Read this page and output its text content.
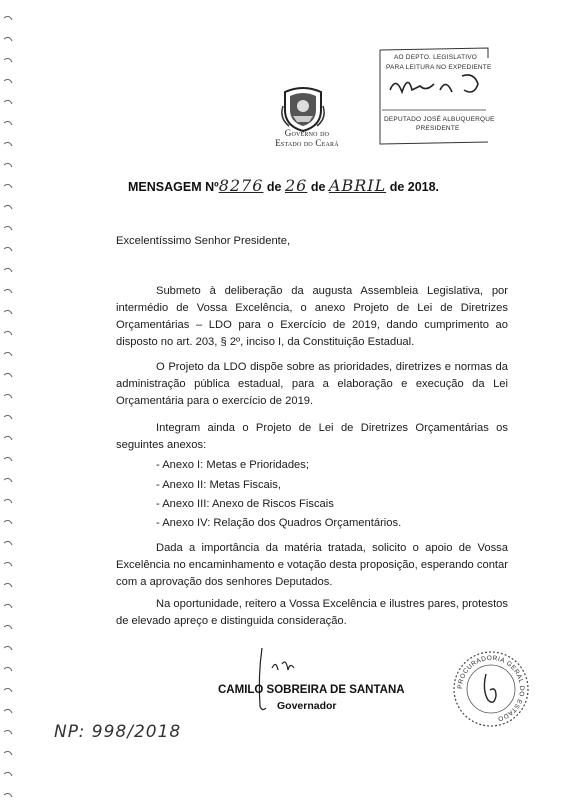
Governo do
Estado do Ceará
AO DEPTO. LEGISLATIVO
PARA LEITURA NO EXPEDIENTE
DEPUTADO JOSÉ ALBUQUERQUE
PRESIDENTE
MENSAGEM Nº8276 de 26 de ABRIL de 2018.
Excelentíssimo Senhor Presidente,
Submeto à deliberação da augusta Assembleia Legislativa, por intermédio de Vossa Excelência, o anexo Projeto de Lei de Diretrizes Orçamentárias – LDO para o Exercício de 2019, dando cumprimento ao disposto no art. 203, § 2º, inciso I, da Constituição Estadual.
O Projeto da LDO dispõe sobre as prioridades, diretrizes e normas da administração pública estadual, para a elaboração e execução da Lei Orçamentária para o exercício de 2019.
Integram ainda o Projeto de Lei de Diretrizes Orçamentárias os seguintes anexos:
- Anexo I: Metas e Prioridades;
- Anexo II: Metas Fiscais,
- Anexo III: Anexo de Riscos Fiscais
- Anexo IV: Relação dos Quadros Orçamentários.
Dada a importância da matéria tratada, solicito o apoio de Vossa Excelência no encaminhamento e votação desta proposição, esperando contar com a aprovação dos senhores Deputados.
Na oportunidade, reitero a Vossa Excelência e ilustres pares, protestos de elevado apreço e distinguida consideração.
CAMILO SOBREIRA DE SANTANA
Governador
PROCURADORIA GERAL DO ESTADO
NP: 998/2018
